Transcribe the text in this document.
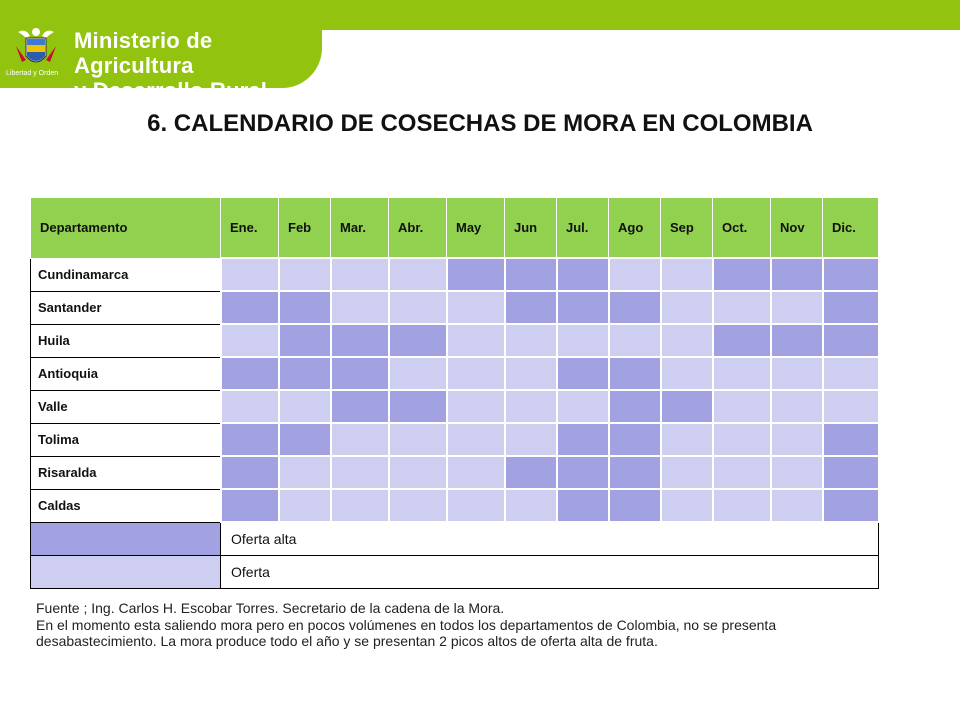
Libertad y Orden
Ministerio de Agricultura
y Desarrollo Rural
6. CALENDARIO DE COSECHAS DE MORA EN COLOMBIA
Departamento	Ene.	Feb	Mar.	Abr.	May	Jun	Jul.	Ago	Sep	Oct.	Nov	Dic.
Cundinamarca												
Santander												
Huila												
Antioquia												
Valle												
Tolima												
Risaralda												
Caldas												
	Oferta alta											
	Oferta											
Fuente ; Ing. Carlos H. Escobar Torres. Secretario de la cadena de la Mora.
En el momento esta saliendo mora pero en pocos volúmenes en todos los departamentos de Colombia, no se presenta
desabastecimiento. La mora produce todo el año y se presentan 2 picos altos de oferta alta de fruta.
